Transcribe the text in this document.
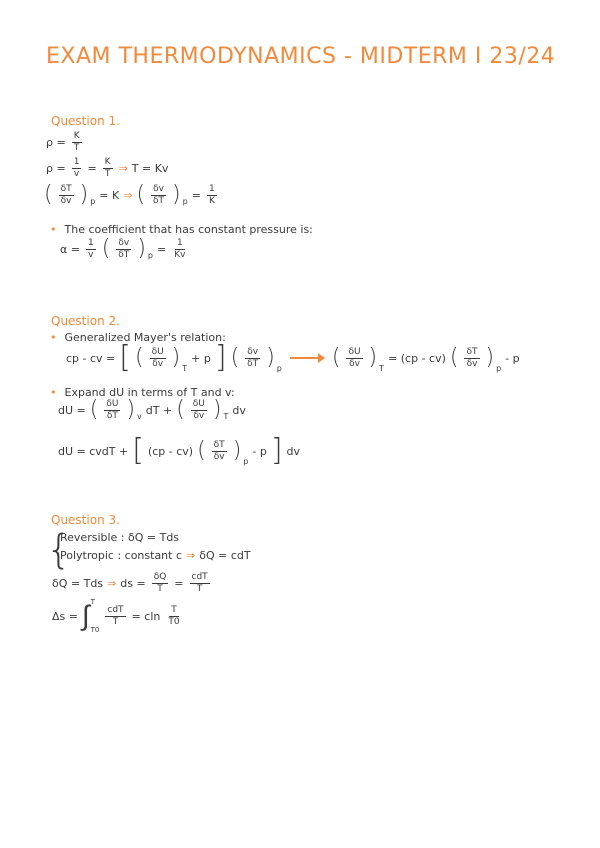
EXAM THERMODYNAMICS - MIDTERM I 23/24
Question 1.
$\rho = \frac{K}{T}$
$\rho = \frac{1}{v} = \frac{K}{T}$ ⇒ T = Kv
( $\frac{\delta T}{\delta v}$ ) p = K ⇒ ( $\frac{\delta v}{\delta T}$ ) $p = \frac{1}{K}$
• The coefficient that has constant pressure is:
$\alpha = \frac{1}{v}$ ( $\frac{\delta v}{\delta T}$ ) $p = \frac{1}{Kv}$
Question 2.
• Generalized Mayer's relation:
cp - cv = [ ( $\frac{\delta U}{\delta v}$ ) T
+ p ] ( $\frac{\delta v}{\delta T}$ ) p ( $\frac{\delta U}{\delta v}$ ) T
= (cp - cv) ( $\frac{\delta T}{\delta v}$ ) p
- p
• Expand dU in terms of T and v:
dU = ( $\frac{\delta U}{\delta T}$ ) v dT + ( $\frac{\delta U}{\delta v}$ ) T dv
dU = cvdT + [ (cp - cv) ( $\frac{\delta T}{\delta v}$ ) p
- p ] dv
Question 3.
{
Reversible : δQ = Tds
Polytropic : constant c ⇒ δQ = cdT
δQ = Tds ⇒ ds = $\frac{\delta Q}{T} = \frac{\text{cdT}}{T}$
Δs = ∫ T
T0
$\frac{\text{cdT}}{T} = cln \frac{T}{T0}$
